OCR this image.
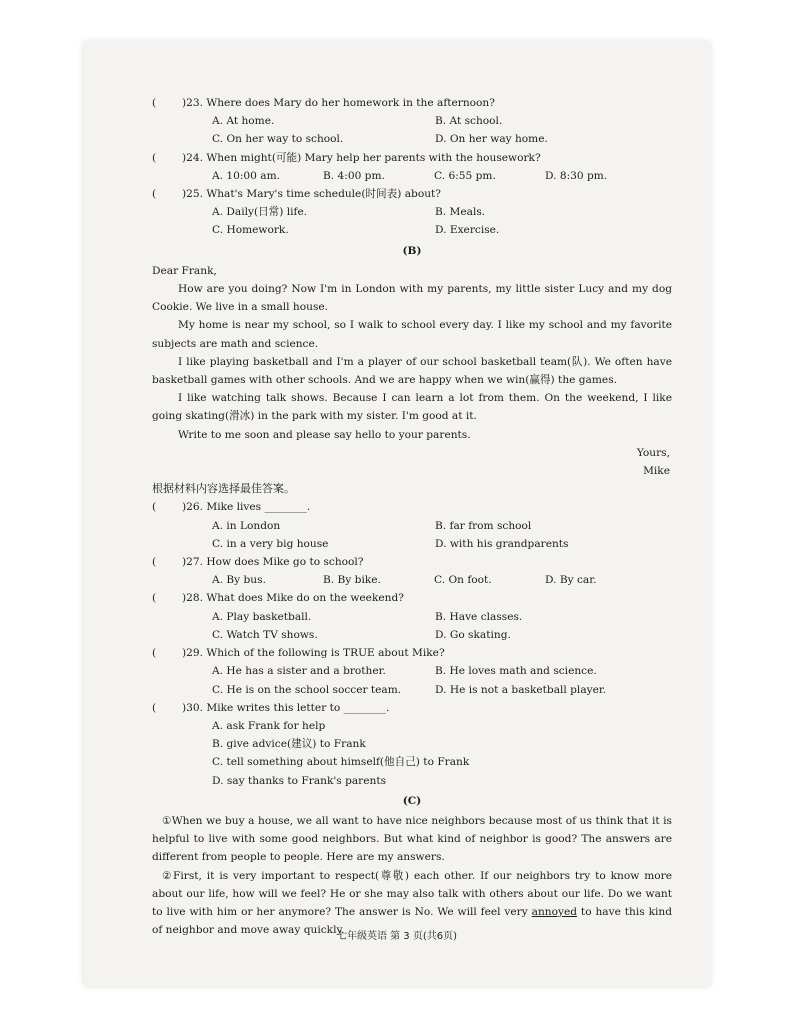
(	)23. Where does Mary do her homework in the afternoon?
A. At home.	B. At school.
C. On her way to school.	D. On her way home.
(	)24. When might(可能) Mary help her parents with the housework?
A. 10:00 am.	B. 4:00 pm.	C. 6:55 pm.	D. 8:30 pm.
(	)25. What's Mary's time schedule(时间表) about?
A. Daily(日常) life.	B. Meals.
C. Homework.	D. Exercise.
(B)
Dear Frank,
How are you doing? Now I'm in London with my parents, my little sister Lucy and my dog Cookie. We live in a small house.
My home is near my school, so I walk to school every day. I like my school and my favorite subjects are math and science.
I like playing basketball and I'm a player of our school basketball team(队). We often have basketball games with other schools. And we are happy when we win(赢得) the games.
I like watching talk shows. Because I can learn a lot from them. On the weekend, I like going skating(滑冰) in the park with my sister. I'm good at it.
Write to me soon and please say hello to your parents.
Yours,
Mike
根据材料内容选择最佳答案。
(	)26. Mike lives ________.
A. in London	B. far from school
C. in a very big house	D. with his grandparents
(	)27. How does Mike go to school?
A. By bus.	B. By bike.	C. On foot.	D. By car.
(	)28. What does Mike do on the weekend?
A. Play basketball.	B. Have classes.
C. Watch TV shows.	D. Go skating.
(	)29. Which of the following is TRUE about Mike?
A. He has a sister and a brother.	B. He loves math and science.
C. He is on the school soccer team.	D. He is not a basketball player.
(	)30. Mike writes this letter to ________.
A. ask Frank for help
B. give advice(建议) to Frank
C. tell something about himself(他自己) to Frank
D. say thanks to Frank's parents
(C)
①When we buy a house, we all want to have nice neighbors because most of us think that it is helpful to live with some good neighbors. But what kind of neighbor is good? The answers are different from people to people. Here are my answers.
②First, it is very important to respect(尊敬) each other. If our neighbors try to know more about our life, how will we feel? He or she may also talk with others about our life. Do we want to live with him or her anymore? The answer is No. We will feel very annoyed to have this kind of neighbor and move away quickly.
七年级英语 第 3 页(共6页)
